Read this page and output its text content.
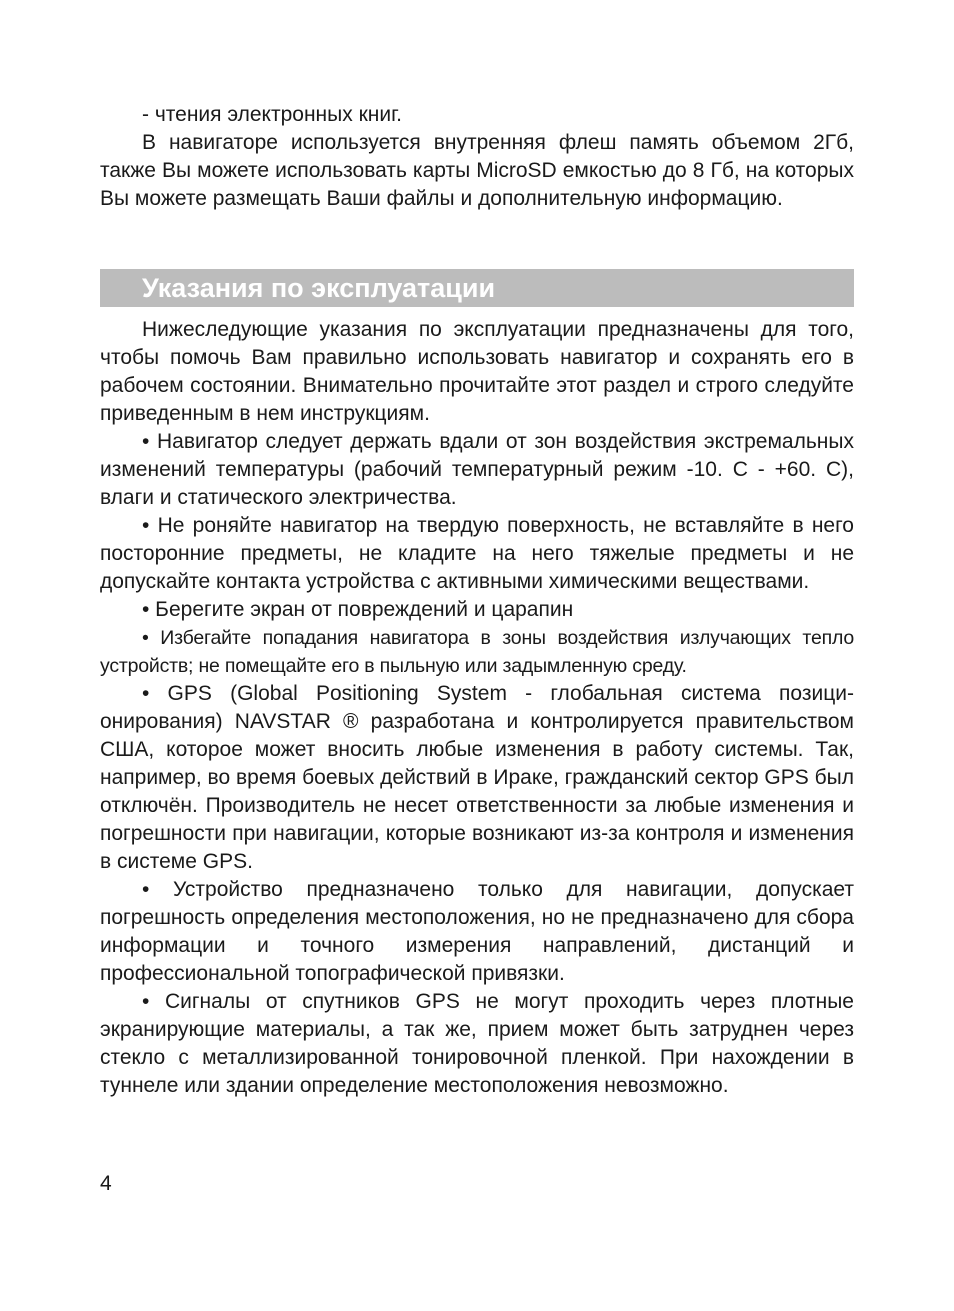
- чтения электронных книг.

В навигаторе используется внутренняя флеш память объемом 2Гб, также Вы можете использовать карты MicroSD емкостью до 8 Гб, на которых Вы можете размещать Ваши файлы и дополнительную информацию.

Указания по эксплуатации

Нижеследующие указания по эксплуатации предназначены для того, чтобы помочь Вам правильно использовать навигатор и сохранять его в рабочем состоянии. Внимательно прочитайте этот раздел и строго следуйте приведенным в нем инструкциям.

• Навигатор следует держать вдали от зон воздействия экстремальных изменений температуры (рабочий температурный режим -10. С - +60. С), влаги и статического электричества.

• Не роняйте навигатор на твердую поверхность, не вставляйте в него посторонние предметы, не кладите на него тяжелые предметы и не допускайте контакта устройства с активными химическими веществами.

• Берегите экран от повреждений и царапин

• Избегайте попадания навигатора в зоны воздействия излучающих тепло устройств; не помещайте его в пыльную или задымленную среду.

• GPS (Global Positioning System - глобальная система позиционирования) NAVSTAR ® разработана и контролируется правительством США, которое может вносить любые изменения в работу системы. Так, например, во время боевых действий в Ираке, гражданский сектор GPS был отключён. Производитель не несет ответственности за любые изменения и погрешности при навигации, которые возникают из-за контроля и изменения в системе GPS.

• Устройство предназначено только для навигации, допускает погрешность определения местоположения, но не предназначено для сбора информации и точного измерения направлений, дистанций и профессиональной топографической привязки.

• Сигналы от спутников GPS не могут проходить через плотные экранирующие материалы, а так же, прием может быть затруднен через стекло с металлизированной тонировочной пленкой. При нахождении в туннеле или здании определение местоположения невозможно.

4
